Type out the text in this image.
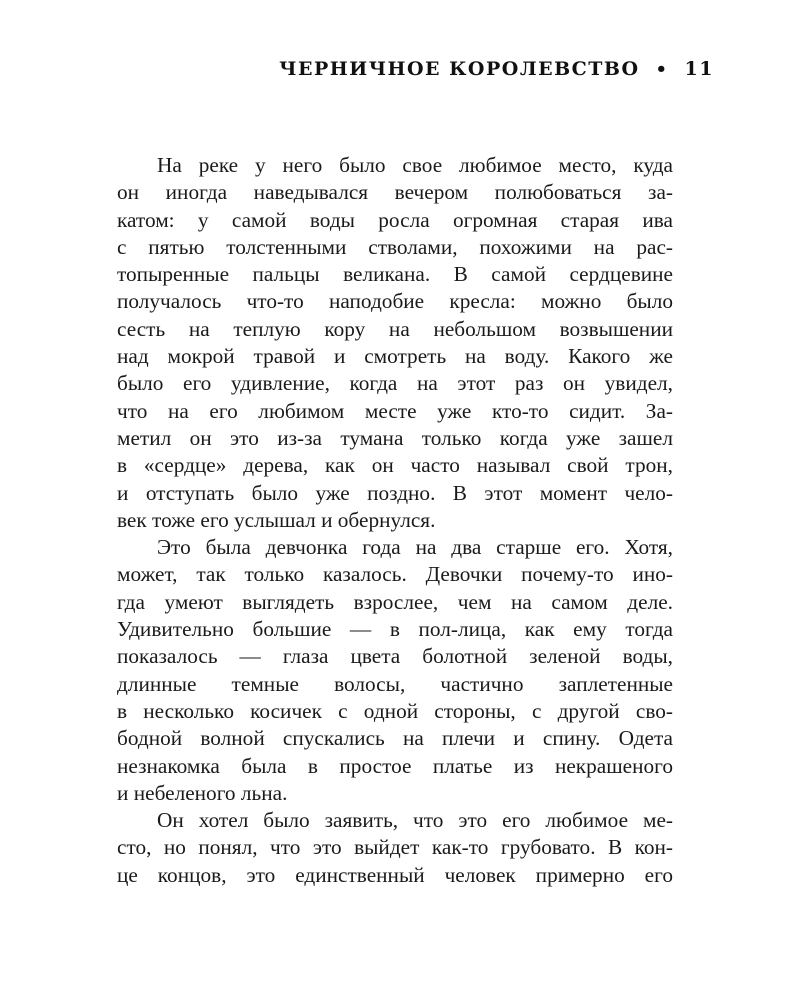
ЧЕРНИЧНОЕ КОРОЛЕВСТВО • 11

На реке у него было свое любимое место, куда
он иногда наведывался вечером полюбоваться за-
катом: у самой воды росла огромная старая ива
с пятью толстенными стволами, похожими на рас-
топыренные пальцы великана. В самой сердцевине
получалось что-то наподобие кресла: можно было
сесть на теплую кору на небольшом возвышении
над мокрой травой и смотреть на воду. Какого же
было его удивление, когда на этот раз он увидел,
что на его любимом месте уже кто-то сидит. За-
метил он это из-за тумана только когда уже зашел
в «сердце» дерева, как он часто называл свой трон,
и отступать было уже поздно. В этот момент чело-
век тоже его услышал и обернулся.

Это была девчонка года на два старше его. Хотя,
может, так только казалось. Девочки почему-то ино-
гда умеют выглядеть взрослее, чем на самом деле.
Удивительно большие — в пол-лица, как ему тогда
показалось — глаза цвета болотной зеленой воды,
длинные темные волосы, частично заплетенные
в несколько косичек с одной стороны, с другой сво-
бодной волной спускались на плечи и спину. Одета
незнакомка была в простое платье из некрашеного
и небеленого льна.

Он хотел было заявить, что это его любимое ме-
сто, но понял, что это выйдет как-то грубовато. В кон-
це концов, это единственный человек примерно его
